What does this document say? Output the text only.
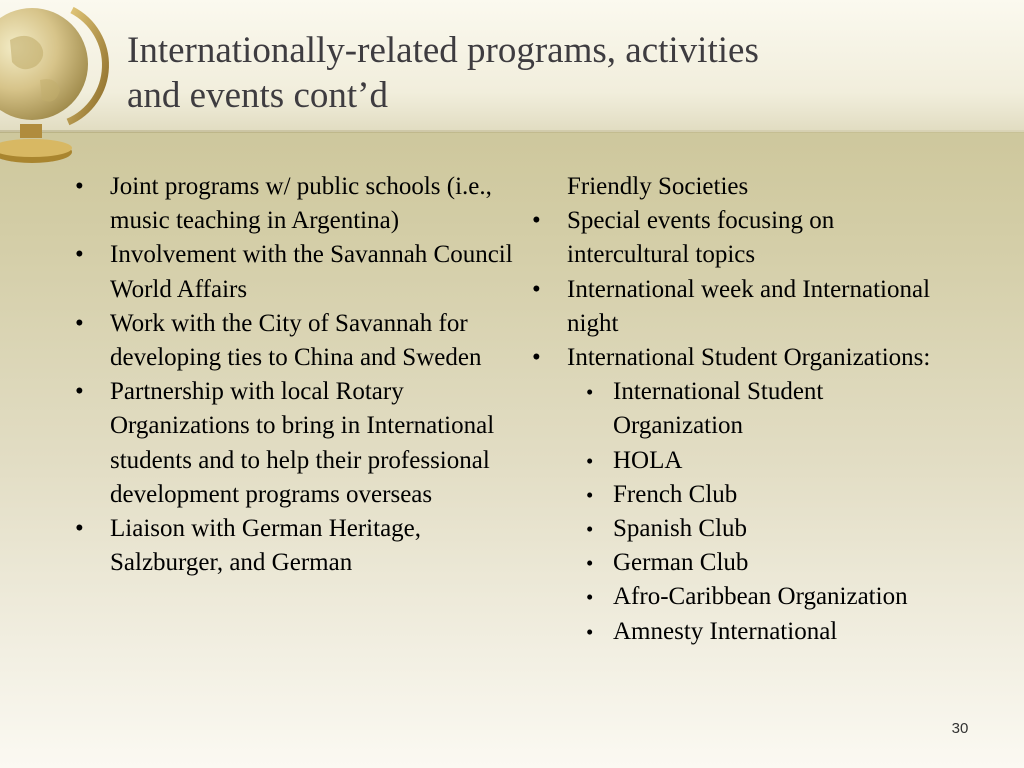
Internationally-related programs, activities
and events cont’d
•	Joint programs w/ public schools (i.e., music teaching in Argentina)
•	Involvement with the Savannah Council World Affairs
•	Work with the City of Savannah for developing ties to China and Sweden
•	Partnership with local Rotary Organizations to bring in International students and to help their professional development programs overseas
•	Liaison with German Heritage, Salzburger, and German
Friendly Societies
•	Special events focusing on intercultural topics
•	International week and International night
•	International Student Organizations:
• International Student Organization
• HOLA
• French Club
• Spanish Club
• German Club
• Afro-Caribbean Organization
• Amnesty International
30
